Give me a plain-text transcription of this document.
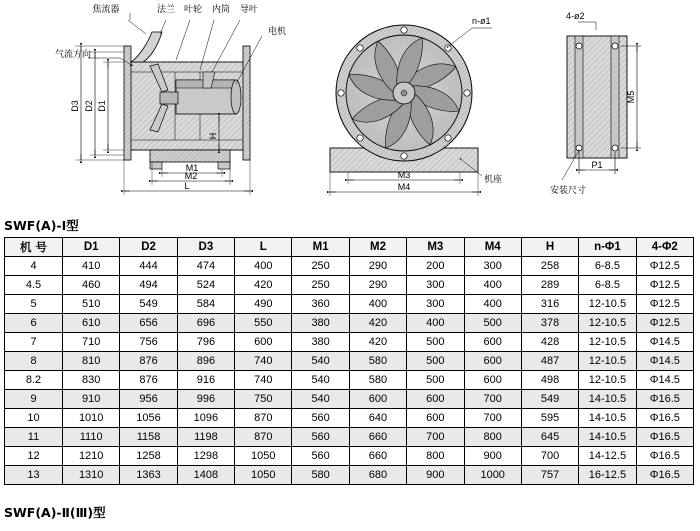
D3 D2 D1
H
M1
M2
L
焦流器	法兰 叶轮 内筒 导叶
电机
气流方向
n-ø1
M3
M4
机座
4-ø2
M5
P1
安装尺寸
SWF(A)-Ⅰ型
机 号	D1	D2	D3	L	M1	M2	M3	M4	H	n-Φ1	4-Φ2
4	410	444	474	400	250	290	200	300	258	6-8.5	Φ12.5
4.5	460	494	524	420	250	290	300	400	289	6-8.5	Φ12.5
5	510	549	584	490	360	400	300	400	316	12-10.5	Φ12.5
6	610	656	696	550	380	420	400	500	378	12-10.5	Φ12.5
7	710	756	796	600	380	420	500	600	428	12-10.5	Φ14.5
8	810	876	896	740	540	580	500	600	487	12-10.5	Φ14.5
8.2	830	876	916	740	540	580	500	600	498	12-10.5	Φ14.5
9	910	956	996	750	540	600	600	700	549	14-10.5	Φ16.5
10	1010	1056	1096	870	560	640	600	700	595	14-10.5	Φ16.5
11	1110	1158	1198	870	560	660	700	800	645	14-10.5	Φ16.5
12	1210	1258	1298	1050	560	660	800	900	700	14-12.5	Φ16.5
13	1310	1363	1408	1050	580	680	900	1000	757	16-12.5	Φ16.5
SWF(A)-Ⅱ(Ⅲ)型
